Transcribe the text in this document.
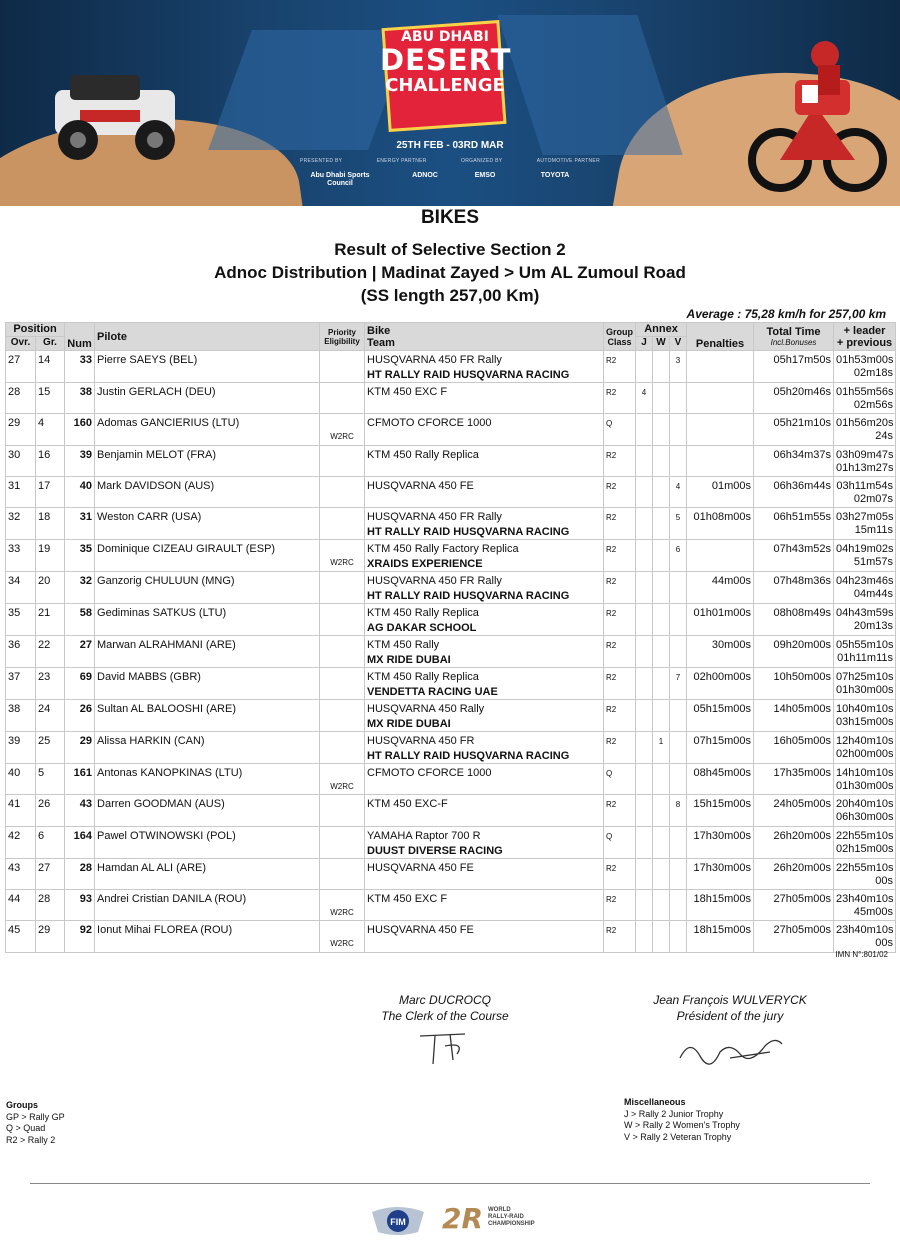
ABU DHABI
DESERT
CHALLENGE
25TH FEB - 03RD MAR
PRESENTED BY	ENERGY PARTNER	ORGANIZED BY	AUTOMOTIVE PARTNER
Abu Dhabi Sports Council
ADNOC	EMSO	TOYOTA
BIKES
Result of Selective Section 2
Adnoc Distribution | Madinat Zayed > Um AL Zumoul Road
(SS length 257,00 Km)
Average : 75,28 km/h for 257,00 km
Position		Num	Pilote	Priority
Eligibility	Bike
Team	Group
Class	Annex			Penalties	Total Time
Incl.Bonuses	+ leader
+ previous

Ovr.	Gr.						J	W	V			
27	14	33	Pierre SAEYS (BEL)		HUSQVARNA 450 FR Rally

HT RALLY RAID HUSQVARNA RACING	R2			3		05h17m50s	01h53m00s
02m18s

28	15	38	Justin GERLACH (DEU)		KTM 450 EXC F	R2	4				05h20m46s	01h55m56s
02m56s

29	4	160	Adomas GANCIERIUS (LTU)	W2RC	CFMOTO CFORCE 1000	Q					05h21m10s	01h56m20s
24s

30	16	39	Benjamin MELOT (FRA)		KTM 450 Rally Replica	R2					06h34m37s	03h09m47s
01h13m27s

31	17	40	Mark DAVIDSON (AUS)		HUSQVARNA 450 FE	R2			4	01m00s	06h36m44s	03h11m54s
02m07s

32	18	31	Weston CARR (USA)		HUSQVARNA 450 FR Rally

HT RALLY RAID HUSQVARNA RACING	R2			5	01h08m00s	06h51m55s	03h27m05s
15m11s

33	19	35	Dominique CIZEAU GIRAULT (ESP)	W2RC	KTM 450 Rally Factory Replica

XRAIDS EXPERIENCE	R2			6		07h43m52s	04h19m02s
51m57s

34	20	32	Ganzorig CHULUUN (MNG)		HUSQVARNA 450 FR Rally

HT RALLY RAID HUSQVARNA RACING	R2				44m00s	07h48m36s	04h23m46s
04m44s

35	21	58	Gediminas SATKUS (LTU)		KTM 450 Rally Replica

AG DAKAR SCHOOL	R2				01h01m00s	08h08m49s	04h43m59s
20m13s

36	22	27	Marwan ALRAHMANI (ARE)		KTM 450 Rally

MX RIDE DUBAI	R2				30m00s	09h20m00s	05h55m10s
01h11m11s

37	23	69	David MABBS (GBR)		KTM 450 Rally Replica

VENDETTA RACING UAE	R2			7	02h00m00s	10h50m00s	07h25m10s
01h30m00s

38	24	26	Sultan AL BALOOSHI (ARE)		HUSQVARNA 450 Rally

MX RIDE DUBAI	R2				05h15m00s	14h05m00s	10h40m10s
03h15m00s

39	25	29	Alissa HARKIN (CAN)		HUSQVARNA 450 FR

HT RALLY RAID HUSQVARNA RACING	R2		1		07h15m00s	16h05m00s	12h40m10s
02h00m00s

40	5	161	Antonas KANOPKINAS (LTU)	W2RC	CFMOTO CFORCE 1000	Q				08h45m00s	17h35m00s	14h10m10s
01h30m00s

41	26	43	Darren GOODMAN (AUS)		KTM 450 EXC-F	R2			8	15h15m00s	24h05m00s	20h40m10s
06h30m00s

42	6	164	Pawel OTWINOWSKI (POL)		YAMAHA Raptor 700 R

DUUST DIVERSE RACING	Q				17h30m00s	26h20m00s	22h55m10s
02h15m00s

43	27	28	Hamdan AL ALI (ARE)		HUSQVARNA 450 FE	R2				17h30m00s	26h20m00s	22h55m10s
00s

44	28	93	Andrei Cristian DANILA (ROU)	W2RC	KTM 450 EXC F	R2				18h15m00s	27h05m00s	23h40m10s
45m00s

45	29	92	Ionut Mihai FLOREA (ROU)	W2RC	HUSQVARNA 450 FE	R2				18h15m00s	27h05m00s	23h40m10s
00s
IMN N°:801/02
Marc DUCROCQ
The Clerk of the Course
Jean François WULVERYCK
Président of the jury
Groups
GP > Rally GP
Q > Quad
R2 > Rally 2
Miscellaneous
J > Rally 2 Junior Trophy
W > Rally 2 Women's Trophy
V > Rally 2 Veteran Trophy
FIM 2R WORLD
RALLY-RAID
CHAMPIONSHIP
